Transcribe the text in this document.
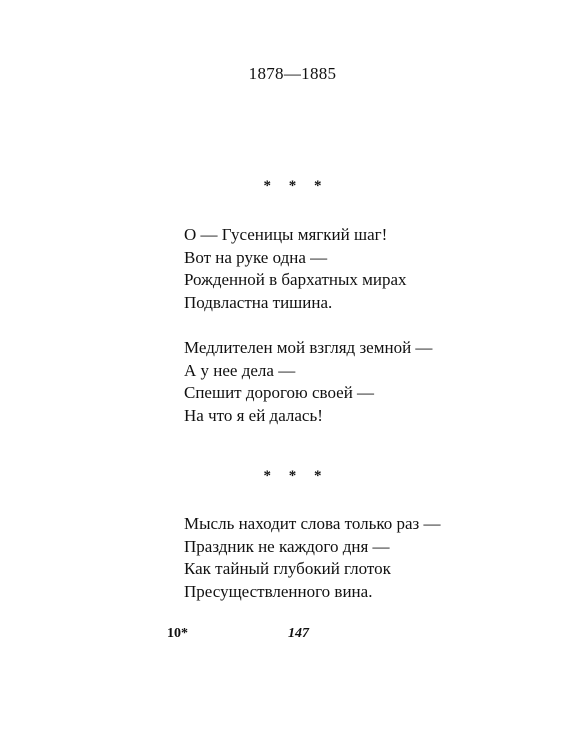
1878—1885
* * *
О — Гусеницы мягкий шаг!
Вот на руке одна —
Рожденной в бархатных мирах
Подвластна тишина.
Медлителен мой взгляд земной —
А у нее дела —
Спешит дорогою своей —
На что я ей далась!
* * *
Мысль находит слова только раз —
Праздник не каждого дня —
Как тайный глубокий глоток
Пресуществленного вина.
10*	147
